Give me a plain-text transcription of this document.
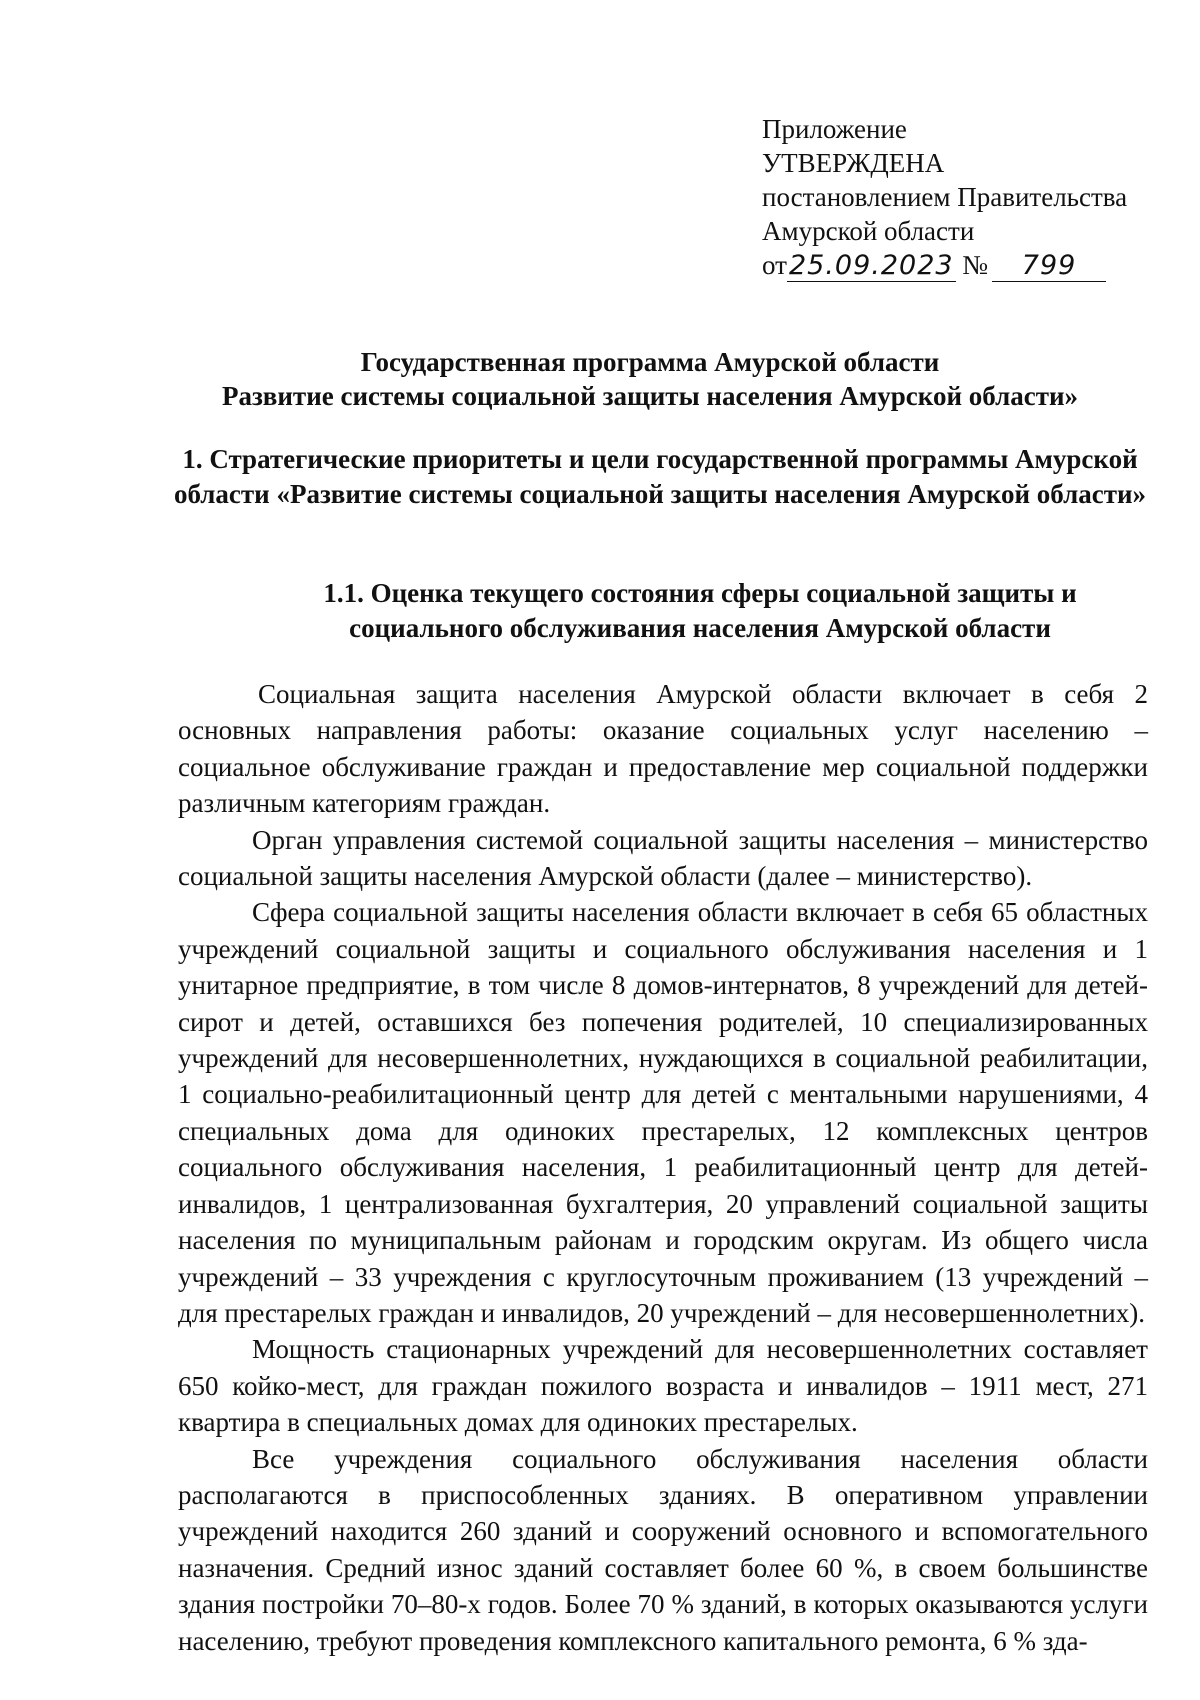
Приложение
УТВЕРЖДЕНА
постановлением Правительства
Амурской области
от25.09.2023 № 799
Государственная программа Амурской области
Развитие системы социальной защиты населения Амурской области»
1. Стратегические приоритеты и цели государственной программы Амурской области «Развитие системы социальной защиты населения Амурской области»
1.1. Оценка текущего состояния сферы социальной защиты и социального обслуживания населения Амурской области

Социальная защита населения Амурской области включает в себя 2 основных направления работы: оказание социальных услуг населению – социальное обслуживание граждан и предоставление мер социальной поддержки различным категориям граждан.

Орган управления системой социальной защиты населения – министерство социальной защиты населения Амурской области (далее – министерство).

Сфера социальной защиты населения области включает в себя 65 областных учреждений социальной защиты и социального обслуживания населения и 1 унитарное предприятие, в том числе 8 домов-интернатов, 8 учреждений для детей-сирот и детей, оставшихся без попечения родителей, 10 специализированных учреждений для несовершеннолетних, нуждающихся в социальной реабилитации, 1 социально-реабилитационный центр для детей с ментальными нарушениями, 4 специальных дома для одиноких престарелых, 12 комплексных центров социального обслуживания населения, 1 реабилитационный центр для детей-инвалидов, 1 централизованная бухгалтерия, 20 управлений социальной защиты населения по муниципальным районам и городским округам. Из общего числа учреждений – 33 учреждения с круглосуточным проживанием (13 учреждений – для престарелых граждан и инвалидов, 20 учреждений – для несовершеннолетних).

Мощность стационарных учреждений для несовершеннолетних составляет 650 койко-мест, для граждан пожилого возраста и инвалидов – 1911 мест, 271 квартира в специальных домах для одиноких престарелых.

Все учреждения социального обслуживания населения области располагаются в приспособленных зданиях. В оперативном управлении учреждений находится 260 зданий и сооружений основного и вспомогательного назначения. Средний износ зданий составляет более 60 %, в своем большинстве здания постройки 70–80-х годов. Более 70 % зданий, в которых оказываются услуги населению, требуют проведения комплексного капитального ремонта, 6 % зда-
